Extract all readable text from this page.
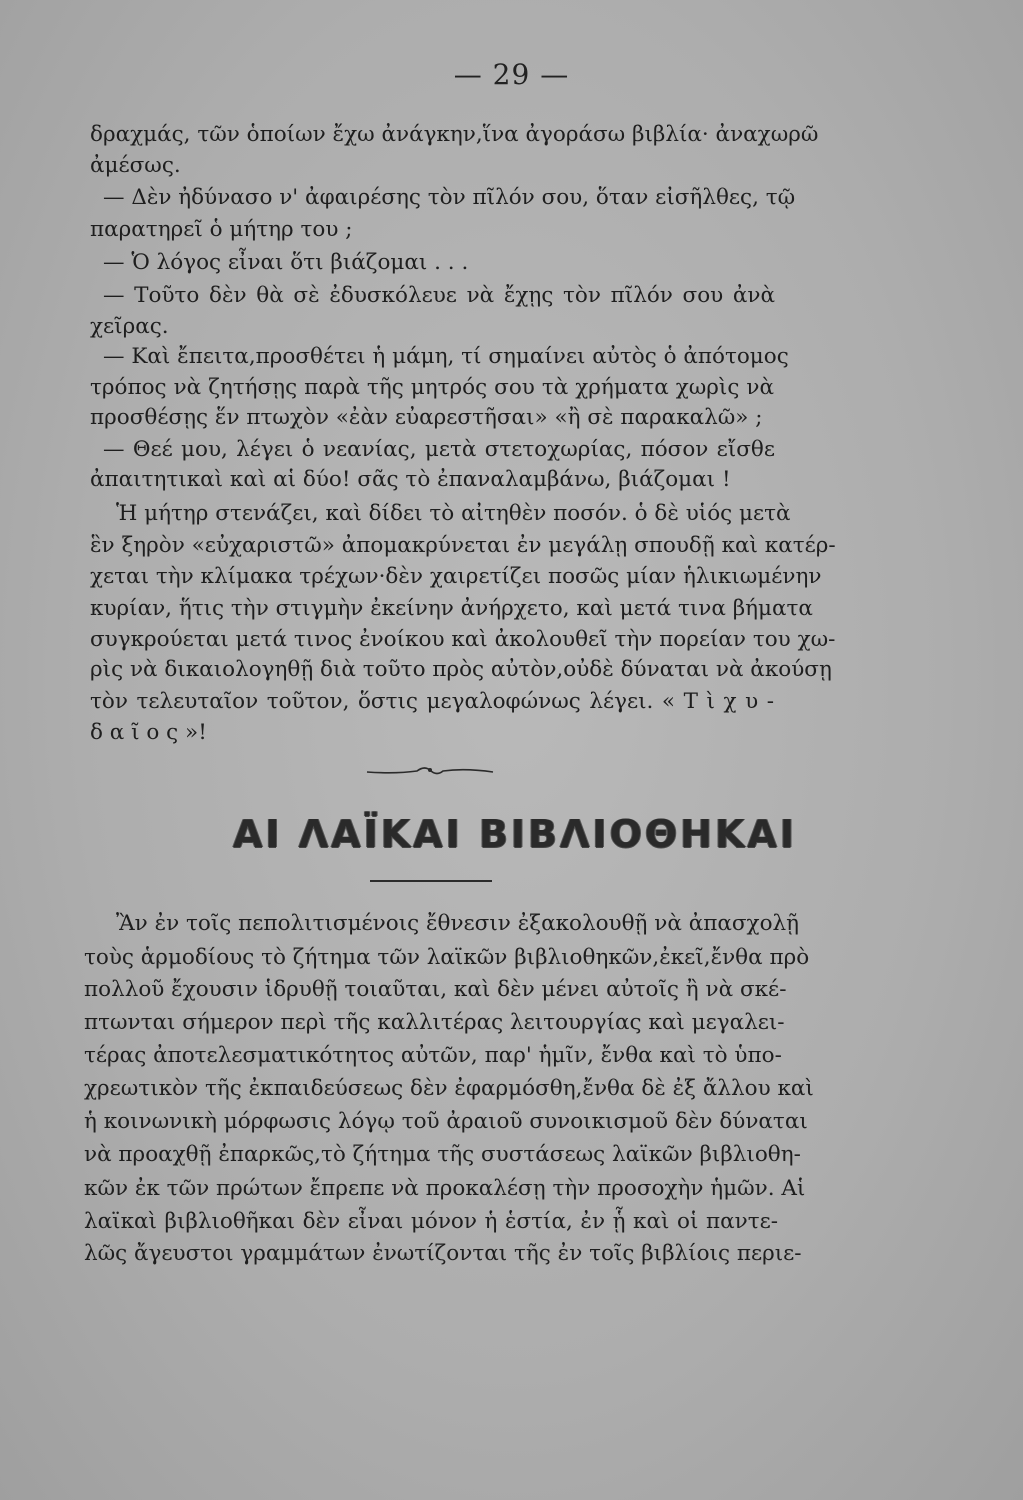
— 29 —
δραχμάς, τῶν ὁποίων ἔχω ἀνάγκην,ἵνα ἀγοράσω βιβλία· ἀναχωρῶ
ἀμέσως.
— Δὲν ἠδύνασο ν' ἀφαιρέσης τὸν πῖλόν σου, ὅταν εἰσῆλθες, τῷ
παρατηρεῖ ὁ μήτηρ του ;
— Ὁ λόγος εἶναι ὅτι βιάζομαι . . .
— Τοῦτο δὲν θὰ σὲ ἐδυσκόλευε νὰ ἔχῃς τὸν πῖλόν σου ἀνὰ
χεῖρας.
— Καὶ ἔπειτα,προσθέτει ἡ μάμη, τί σημαίνει αὐτὸς ὁ ἀπότομος
τρόπος νὰ ζητήσῃς παρὰ τῆς μητρός σου τὰ χρήματα χωρὶς νὰ
προσθέσῃς ἕν πτωχὸν «ἐὰν εὐαρεστῆσαι» «ἢ σὲ παρακαλῶ» ;
— Θεέ μου, λέγει ὁ νεανίας, μετὰ στετοχωρίας, πόσον εἴσθε
ἀπαιτητικαὶ καὶ αἱ δύο! σᾶς τὸ ἐπαναλαμβάνω, βιάζομαι !
Ἡ μήτηρ στενάζει, καὶ δίδει τὸ αἰτηθὲν ποσόν. ὁ δὲ υἱός μετὰ
ἓν ξηρὸν «εὐχαριστῶ» ἀπομακρύνεται ἐν μεγάλῃ σπουδῇ καὶ κατέρ-
χεται τὴν κλίμακα τρέχων·δὲν χαιρετίζει ποσῶς μίαν ἡλικιωμένην
κυρίαν, ἥτις τὴν στιγμὴν ἐκείνην ἀνήρχετο, καὶ μετά τινα βήματα
συγκρούεται μετά τινος ἐνοίκου καὶ ἀκολουθεῖ τὴν πορείαν του χω-
ρὶς νὰ δικαιολογηθῇ διὰ τοῦτο πρὸς αὐτὸν,οὐδὲ δύναται νὰ ἀκούσῃ
τὸν τελευταῖον τοῦτον, ὅστις μεγαλοφώνως λέγει. « Τ ὶ χ υ -
δ α ῖ ο ς »!
ΑΙ ΛΑΪΚΑΙ ΒΙΒΛΙΟΘΗΚΑΙ
Ἂν ἐν τοῖς πεπολιτισμένοις ἔθνεσιν ἐξακολουθῇ νὰ ἀπασχολῇ
τοὺς ἁρμοδίους τὸ ζήτημα τῶν λαϊκῶν βιβλιοθηκῶν,ἐκεῖ,ἔνθα πρὸ
πολλοῦ ἔχουσιν ἱδρυθῇ τοιαῦται, καὶ δὲν μένει αὐτοῖς ἢ νὰ σκέ-
πτωνται σήμερον περὶ τῆς καλλιτέρας λειτουργίας καὶ μεγαλει-
τέρας ἀποτελεσματικότητος αὐτῶν, παρ' ἡμῖν, ἔνθα καὶ τὸ ὑπο-
χρεωτικὸν τῆς ἐκπαιδεύσεως δὲν ἐφαρμόσθη,ἔνθα δὲ ἐξ ἄλλου καὶ
ἡ κοινωνικὴ μόρφωσις λόγῳ τοῦ ἀραιοῦ συνοικισμοῦ δὲν δύναται
νὰ προαχθῇ ἐπαρκῶς,τὸ ζήτημα τῆς συστάσεως λαϊκῶν βιβλιοθη-
κῶν ἐκ τῶν πρώτων ἔπρεπε νὰ προκαλέσῃ τὴν προσοχὴν ἡμῶν. Αἱ
λαϊκαὶ βιβλιοθῆκαι δὲν εἶναι μόνον ἡ ἑστία, ἐν ᾗ καὶ οἱ παντε-
λῶς ἄγευστοι γραμμάτων ἐνωτίζονται τῆς ἐν τοῖς βιβλίοις περιε-
